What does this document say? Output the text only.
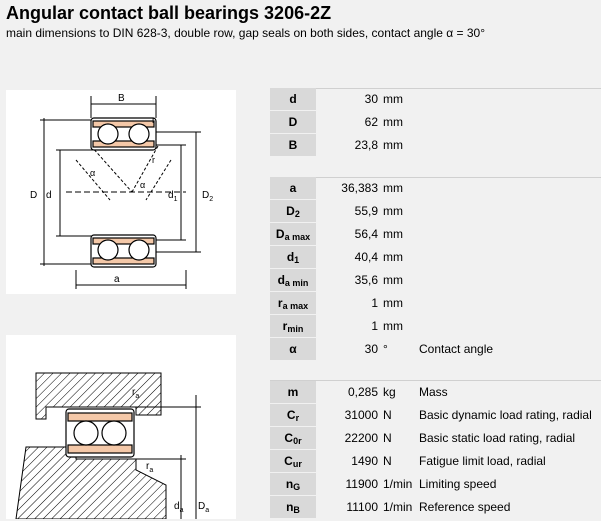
Angular contact ball bearings 3206-2Z
main dimensions to DIN 628-3, double row, gap seals on both sides, contact angle α = 30°
B
r
r
α
α
D d	$d_1$ $D_2$
a
$r_a$
$r_a$
$d_a$ $D_a$
d	30 mm
D	62 mm
B	23,8 mm
a	36,383 mm
$D_2$	55,9 mm
$D_{a max}$	56,4 mm
$d_1$	40,4 mm
$d_{a min}$	35,6 mm
$r_{a max}$	1 mm
$r_{min}$	1 mm
α	30 °	Contact angle
m	0,285 kg Mass
$C_r$	31000 N Basic dynamic load rating, radial
$C_{0r}$	22200 N Basic static load rating, radial
$C_{ur}$	1490 N Fatigue limit load, radial
$n_G$	11900 1/min Limiting speed
$n_B$	11100 1/min Reference speed
